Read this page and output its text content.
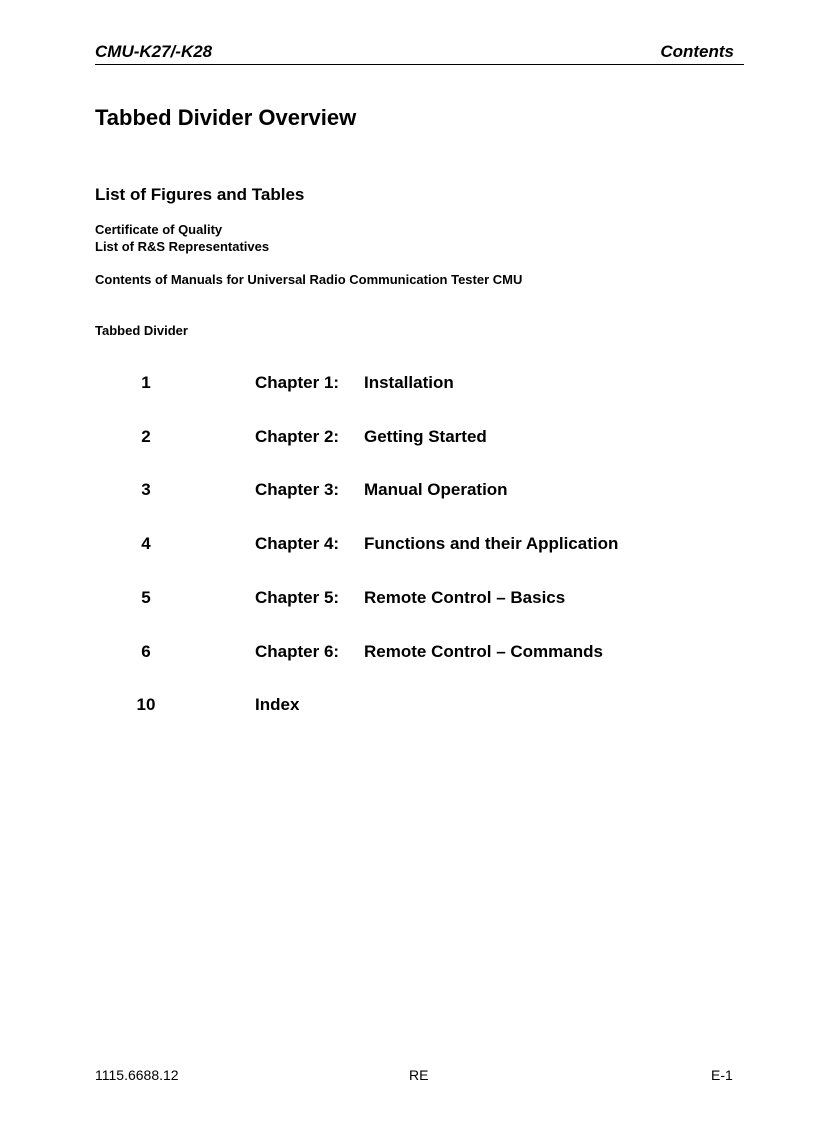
CMU-K27/-K28	Contents
Tabbed Divider Overview
List of Figures and Tables
Certificate of Quality
List of R&S Representatives
Contents of Manuals for Universal Radio Communication Tester CMU
Tabbed Divider
1	Chapter 1: Installation
2	Chapter 2: Getting Started
3	Chapter 3: Manual Operation
4	Chapter 4: Functions and their Application
5	Chapter 5: Remote Control – Basics
6	Chapter 6: Remote Control – Commands
10	Index
1115.6688.12	RE	E-1
